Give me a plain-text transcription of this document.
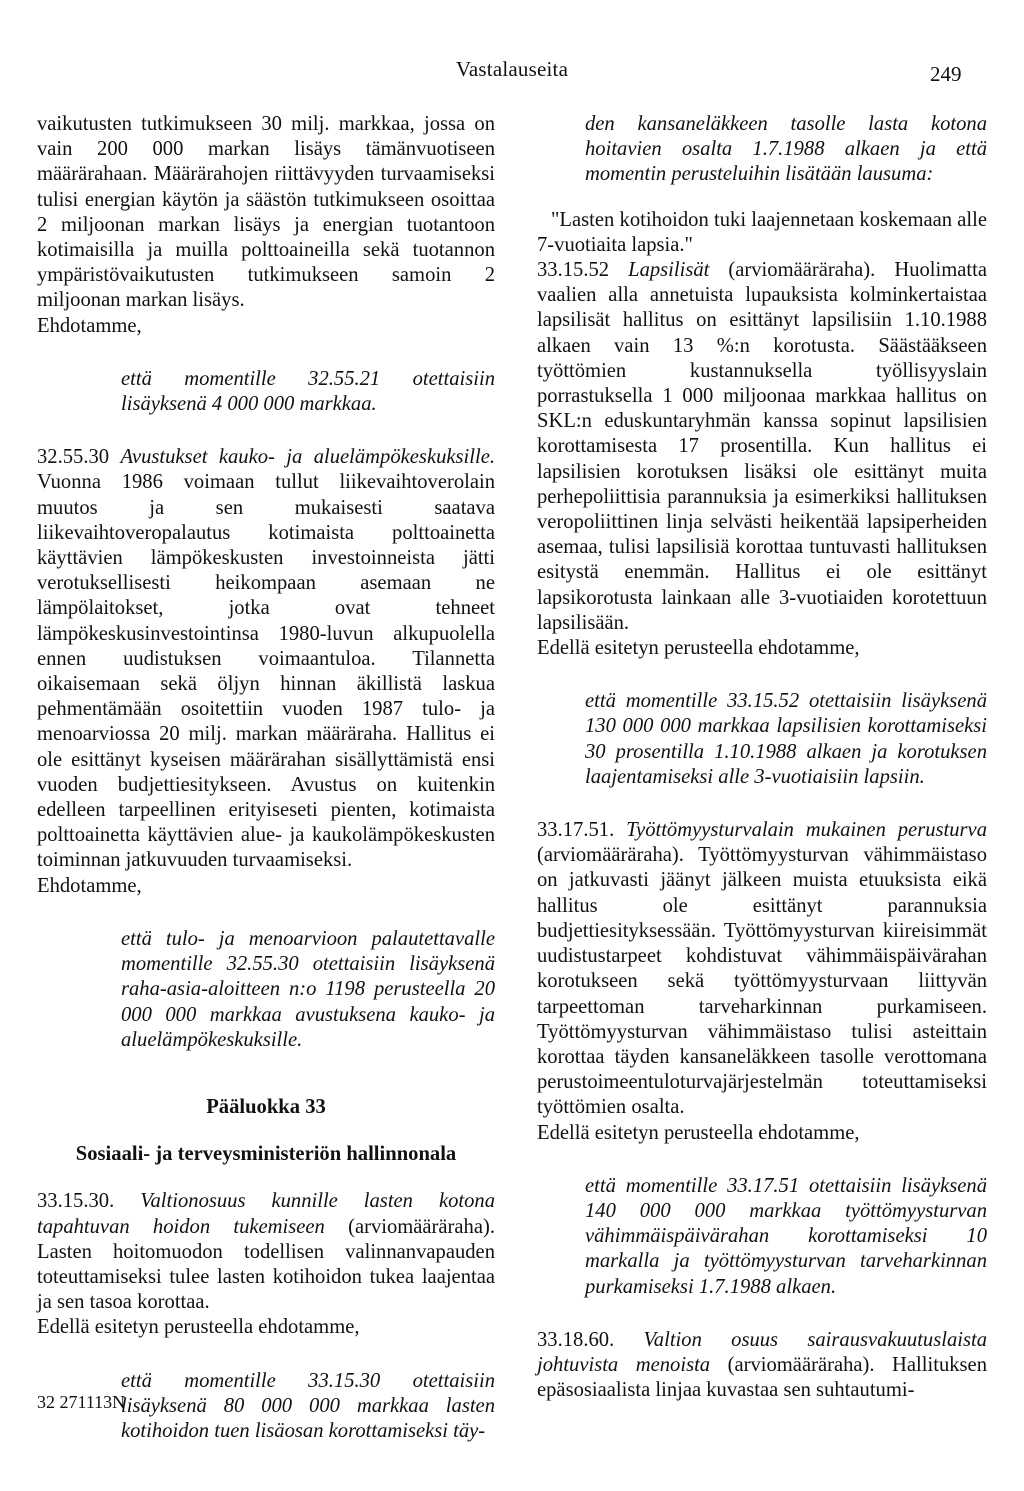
Vastalauseita	249

vaikutusten tutkimukseen 30 milj. markkaa, jossa on vain 200 000 markan lisäys tämänvuotiseen määrärahaan. Määrärahojen riittävyyden turvaamiseksi tulisi energian käytön ja säästön tutkimukseen osoittaa 2 miljoonan markan lisäys ja energian tuotantoon kotimaisilla ja muilla polttoaineilla sekä tuotannon ympäristövaikutusten tutkimukseen samoin 2 miljoonan markan lisäys.

Ehdotamme,

että momentille 32.55.21 otettaisiin lisäyksenä 4 000 000 markkaa.

32.55.30 Avustukset kauko- ja aluelämpökeskuksille. Vuonna 1986 voimaan tullut liikevaihtoverolain muutos ja sen mukaisesti saatava liikevaihtoveropalautus kotimaista polttoainetta käyttävien lämpökeskusten investoinneista jätti verotuksellisesti heikompaan asemaan ne lämpölaitokset, jotka ovat tehneet lämpökeskusinvestointinsa 1980-luvun alkupuolella ennen uudistuksen voimaantuloa. Tilannetta oikaisemaan sekä öljyn hinnan äkillistä laskua pehmentämään osoitettiin vuoden 1987 tulo- ja menoarviossa 20 milj. markan määräraha. Hallitus ei ole esittänyt kyseisen määrärahan sisällyttämistä ensi vuoden budjettiesitykseen. Avustus on kuitenkin edelleen tarpeellinen erityiseseti pienten, kotimaista polttoainetta käyttävien alue- ja kaukolämpökeskusten toiminnan jatkuvuuden turvaamiseksi.

Ehdotamme,

että tulo- ja menoarvioon palautettavalle momentille 32.55.30 otettaisiin lisäyksenä raha-asia-aloitteen n:o 1198 perusteella 20 000 000 markkaa avustuksena kauko- ja aluelämpökeskuksille.

Pääluokka 33

Sosiaali- ja terveysministeriön hallinnonala

33.15.30. Valtionosuus kunnille lasten kotona tapahtuvan hoidon tukemiseen (arviomääräraha). Lasten hoitomuodon todellisen valinnanvapauden toteuttamiseksi tulee lasten kotihoidon tukea laajentaa ja sen tasoa korottaa.

Edellä esitetyn perusteella ehdotamme,

että momentille 33.15.30 otettaisiin lisäyksenä 80 000 000 markkaa lasten kotihoidon tuen lisäosan korottamiseksi täy-

den kansaneläkkeen tasolle lasta kotona hoitavien osalta 1.7.1988 alkaen ja että momentin perusteluihin lisätään lausuma:

"Lasten kotihoidon tuki laajennetaan koskemaan alle 7-vuotiaita lapsia."

33.15.52 Lapsilisät (arviomääräraha). Huolimatta vaalien alla annetuista lupauksista kolminkertaistaa lapsilisät hallitus on esittänyt lapsilisiin 1.10.1988 alkaen vain 13 %:n korotusta. Säästääkseen työttömien kustannuksella työllisyyslain porrastuksella 1 000 miljoonaa markkaa hallitus on SKL:n eduskuntaryhmän kanssa sopinut lapsilisien korottamisesta 17 prosentilla. Kun hallitus ei lapsilisien korotuksen lisäksi ole esittänyt muita perhepoliittisia parannuksia ja esimerkiksi hallituksen veropoliittinen linja selvästi heikentää lapsiperheiden asemaa, tulisi lapsilisiä korottaa tuntuvasti hallituksen esitystä enemmän. Hallitus ei ole esittänyt lapsikorotusta lainkaan alle 3-vuotiaiden korotettuun lapsilisään.

Edellä esitetyn perusteella ehdotamme,

että momentille 33.15.52 otettaisiin lisäyksenä 130 000 000 markkaa lapsilisien korottamiseksi 30 prosentilla 1.10.1988 alkaen ja korotuksen laajentamiseksi alle 3-vuotiaisiin lapsiin.

33.17.51. Työttömyysturvalain mukainen perusturva (arviomääräraha). Työttömyysturvan vähimmäistaso on jatkuvasti jäänyt jälkeen muista etuuksista eikä hallitus ole esittänyt parannuksia budjettiesityksessään. Työttömyysturvan kiireisimmät uudistustarpeet kohdistuvat vähimmäispäivärahan korotukseen sekä työttömyysturvaan liittyvän tarpeettoman tarveharkinnan purkamiseen. Työttömyysturvan vähimmäistaso tulisi asteittain korottaa täyden kansaneläkkeen tasolle verottomana perustoimeentuloturvajärjestelmän toteuttamiseksi työttömien osalta.

Edellä esitetyn perusteella ehdotamme,

että momentille 33.17.51 otettaisiin lisäyksenä 140 000 000 markkaa työttömyysturvan vähimmäispäivärahan korottamiseksi 10 markalla ja työttömyysturvan tarveharkinnan purkamiseksi 1.7.1988 alkaen.

33.18.60. Valtion osuus sairausvakuutuslaista johtuvista menoista (arviomääräraha). Hallituksen epäsosiaalista linjaa kuvastaa sen suhtautumi-

32 271113N
